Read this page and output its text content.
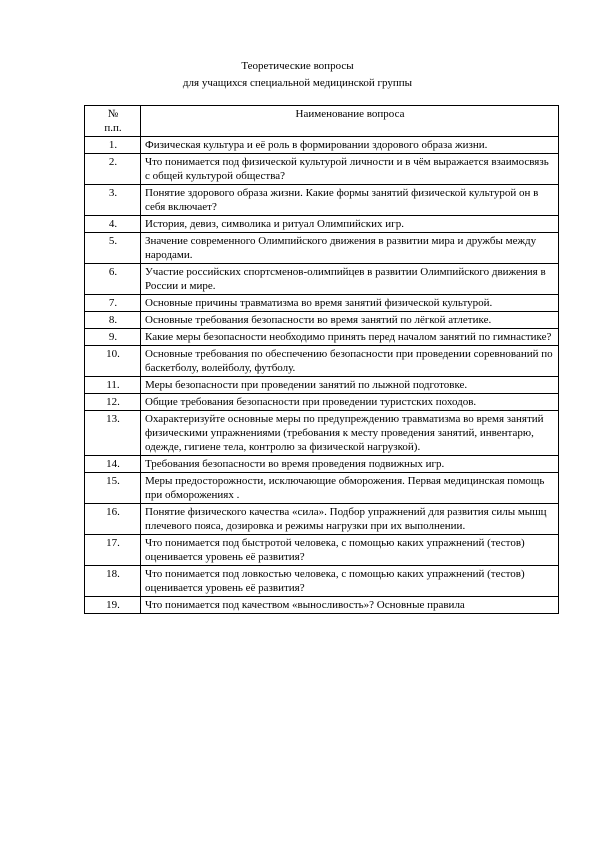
Теоретические вопросы
для учащихся специальной медицинской группы
№
п.п.	Наименование вопроса
1.	Физическая культура и её роль в формировании здорового образа жизни.
2.	Что понимается под физической культурой личности и в чём выражается взаимосвязь с общей культурой общества?
3.	Понятие здорового образа жизни. Какие формы занятий физической культурой он в себя включает?
4.	История, девиз, символика и ритуал Олимпийских игр.
5.	Значение современного Олимпийского движения в развитии мира и дружбы между народами.
6.	Участие российских спортсменов-олимпийцев в развитии Олимпийского движения в России и мире.
7.	Основные причины травматизма во время занятий физической культурой.
8.	Основные требования безопасности во время занятий по лёгкой атлетике.
9.	Какие меры безопасности необходимо принять перед началом занятий по гимнастике?
10.	Основные требования по обеспечению безопасности при проведении соревнований по баскетболу, волейболу, футболу.
11.	Меры безопасности при проведении занятий по лыжной подготовке.
12.	Общие требования безопасности при проведении туристских походов.
13.	Охарактеризуйте основные меры по предупреждению травматизма во время занятий физическими упражнениями (требования к месту проведения занятий, инвентарю, одежде, гигиене тела, контролю за физической нагрузкой).
14.	Требования безопасности во время проведения подвижных игр.
15.	Меры предосторожности, исключающие обморожения. Первая медицинская помощь при обморожениях .
16.	Понятие физического качества «сила». Подбор упражнений для развития силы мышц плечевого пояса, дозировка и режимы нагрузки при их выполнении.
17.	Что понимается под быстротой человека, с помощью каких упражнений (тестов) оценивается уровень её развития?
18.	Что понимается под ловкостью человека, с помощью каких упражнений (тестов) оценивается уровень её развития?
19.	Что понимается под качеством «выносливость»? Основные правила
